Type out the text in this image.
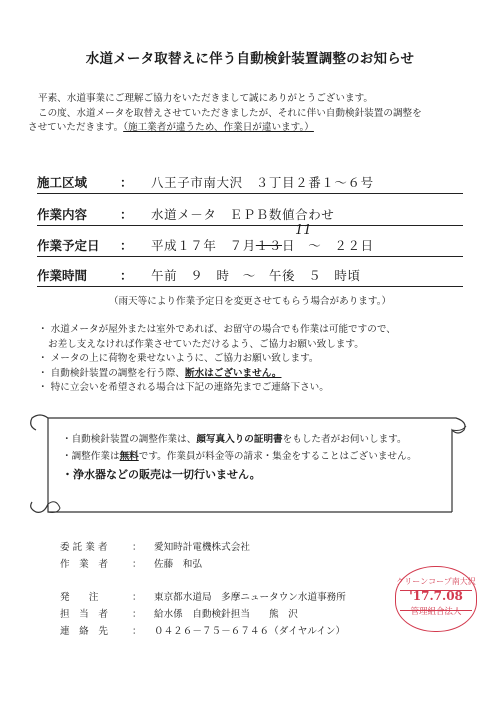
水道メータ取替えに伴う自動検針装置調整のお知らせ

平素、水道事業にご理解ご協力をいただきまして誠にありがとうございます。

この度、水道メータを取替えさせていただきましたが、それに伴い自動検針装置の調整を

させていただきます。（施工業者が違うため、作業日が違います。）
施工区域	： 八王子市南大沢　３丁目２番１～６号
作業内容	： 水道メ－タ　ＥＰＢ数値合わせ
作業予定日 ： 平成１７年　７月１３日　～　２２日
11
作業時間	： 午前　９　時　～　午後　５　時頃
（雨天等により作業予定日を変更させてもらう場合があります。）
・ 水道メータが屋外または室外であれば、お留守の場合でも作業は可能ですので、
お差し支えなければ作業させていただけるよう、ご協力お願い致します。
・ メータの上に荷物を乗せないように、ご協力お願い致します。
・ 自動検針装置の調整を行う際、断水はございません。
・ 特に立会いを希望される場合は下記の連絡先までご連絡下さい。
・自動検針装置の調整作業は、顔写真入りの証明書をもした者がお伺いします。
・調整作業は無料です。作業員が料金等の請求・集金をすることはございません。
・浄水器などの販売は一切行いません。
委 託 業 者	： 愛知時計電機株式会社
作　業　者	： 佐藤　和弘
発　　注	： 東京都水道局　多摩ニュータウン水道事務所
担　当　者	： 給水係　自動検針担当　　熊　沢
連　絡　先	： ０４２６－７５－６７４６（ダイヤルイン）
グリーンコープ南大沢
'17.7.08
管理組合法人
